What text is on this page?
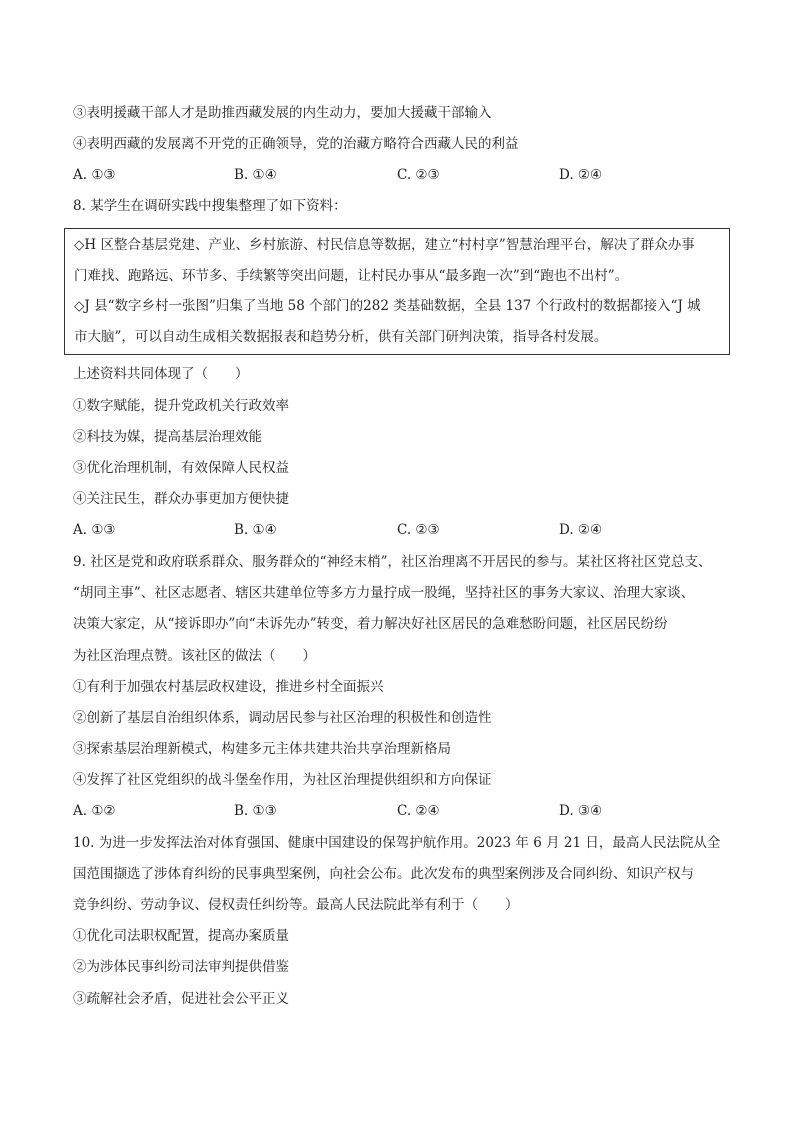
③表明援藏干部人才是助推西藏发展的内生动力，要加大援藏干部输入
④表明西藏的发展离不开党的正确领导，党的治藏方略符合西藏人民的利益
A. ①③	B. ①④	C. ②③	D. ②④
8. 某学生在调研实践中搜集整理了如下资料：
◇H 区整合基层党建、产业、乡村旅游、村民信息等数据，建立“村村享”智慧治理平台，解决了群众办事
门难找、跑路远、环节多、手续繁等突出问题，让村民办事从“最多跑一次”到“跑也不出村”。
◇J 县“数字乡村一张图”归集了当地 58 个部门的282 类基础数据，全县 137 个行政村的数据都接入“J 城
市大脑”，可以自动生成相关数据报表和趋势分析，供有关部门研判决策，指导各村发展。
上述资料共同体现了（　　）
①数字赋能，提升党政机关行政效率
②科技为媒，提高基层治理效能
③优化治理机制，有效保障人民权益
④关注民生，群众办事更加方便快捷
A. ①③	B. ①④	C. ②③	D. ②④
9. 社区是党和政府联系群众、服务群众的“神经末梢”，社区治理离不开居民的参与。某社区将社区党总支、
“胡同主事”、社区志愿者、辖区共建单位等多方力量拧成一股绳，坚持社区的事务大家议、治理大家谈、
决策大家定，从“接诉即办”向“未诉先办”转变，着力解决好社区居民的急难愁盼问题，社区居民纷纷
为社区治理点赞。该社区的做法（　　）
①有利于加强农村基层政权建设，推进乡村全面振兴
②创新了基层自治组织体系，调动居民参与社区治理的积极性和创造性
③探索基层治理新模式，构建多元主体共建共治共享治理新格局
④发挥了社区党组织的战斗堡垒作用，为社区治理提供组织和方向保证
A. ①②	B. ①③	C. ②④	D. ③④
10. 为进一步发挥法治对体育强国、健康中国建设的保驾护航作用。2023 年 6 月 21 日，最高人民法院从全
国范围撷选了涉体育纠纷的民事典型案例，向社会公布。此次发布的典型案例涉及合同纠纷、知识产权与
竞争纠纷、劳动争议、侵权责任纠纷等。最高人民法院此举有利于（　　）
①优化司法职权配置，提高办案质量
②为涉体民事纠纷司法审判提供借鉴
③疏解社会矛盾，促进社会公平正义
